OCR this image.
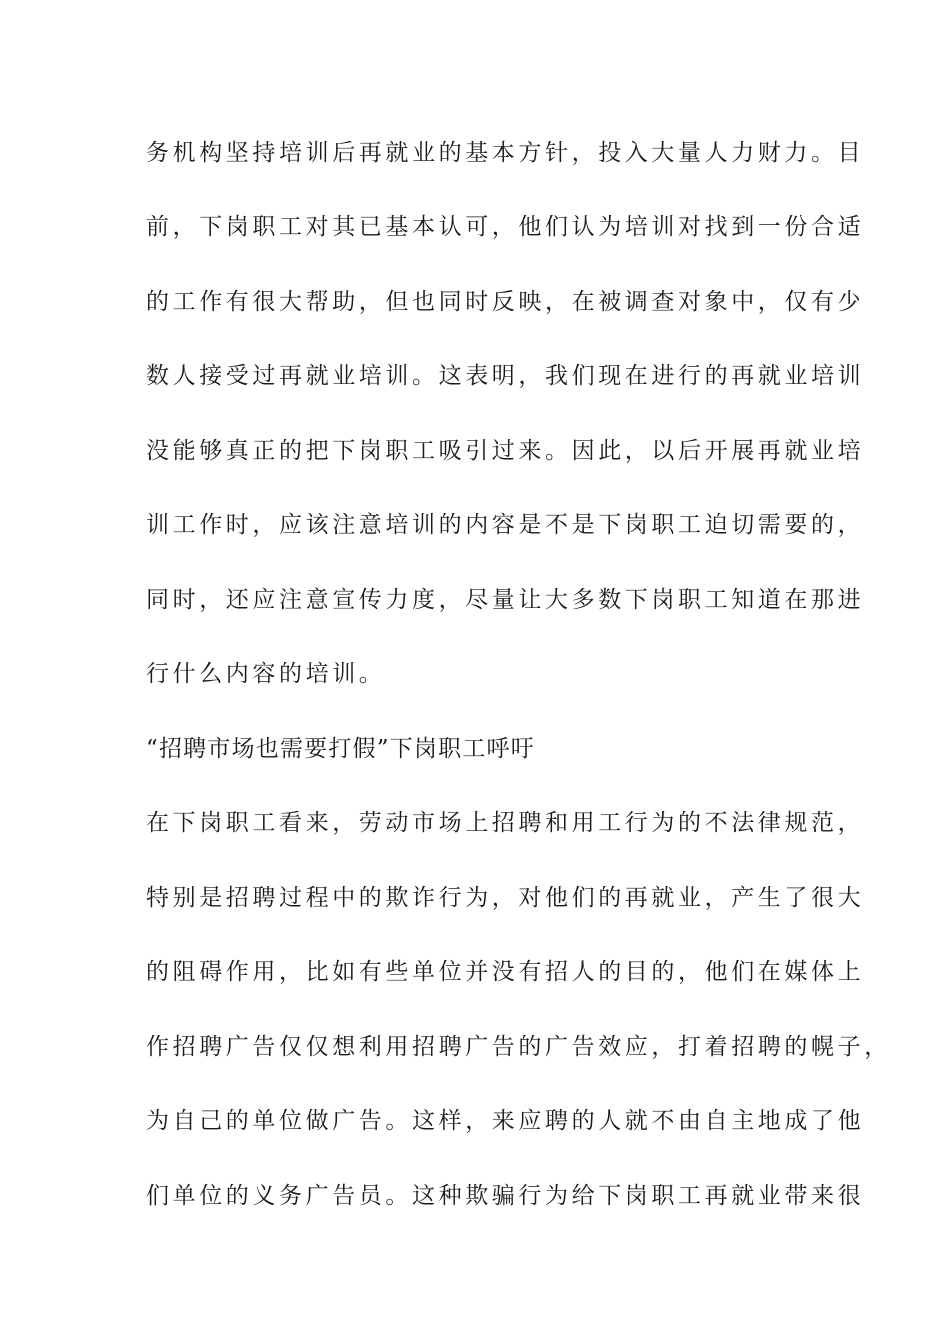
务机构坚持培训后再就业的基本方针，投入大量人力财力。目
前，下岗职工对其已基本认可，他们认为培训对找到一份合适
的工作有很大帮助，但也同时反映，在被调查对象中，仅有少
数人接受过再就业培训。这表明，我们现在进行的再就业培训
没能够真正的把下岗职工吸引过来。因此，以后开展再就业培
训工作时，应该注意培训的内容是不是下岗职工迫切需要的，
同时，还应注意宣传力度，尽量让大多数下岗职工知道在那进
行什么内容的培训。
“招聘市场也需要打假”下岗职工呼吁
在下岗职工看来，劳动市场上招聘和用工行为的不法律规范，
特别是招聘过程中的欺诈行为，对他们的再就业，产生了很大
的阻碍作用，比如有些单位并没有招人的目的，他们在媒体上
作招聘广告仅仅想利用招聘广告的广告效应，打着招聘的幌子，
为自己的单位做广告。这样，来应聘的人就不由自主地成了他
们单位的义务广告员。这种欺骗行为给下岗职工再就业带来很
